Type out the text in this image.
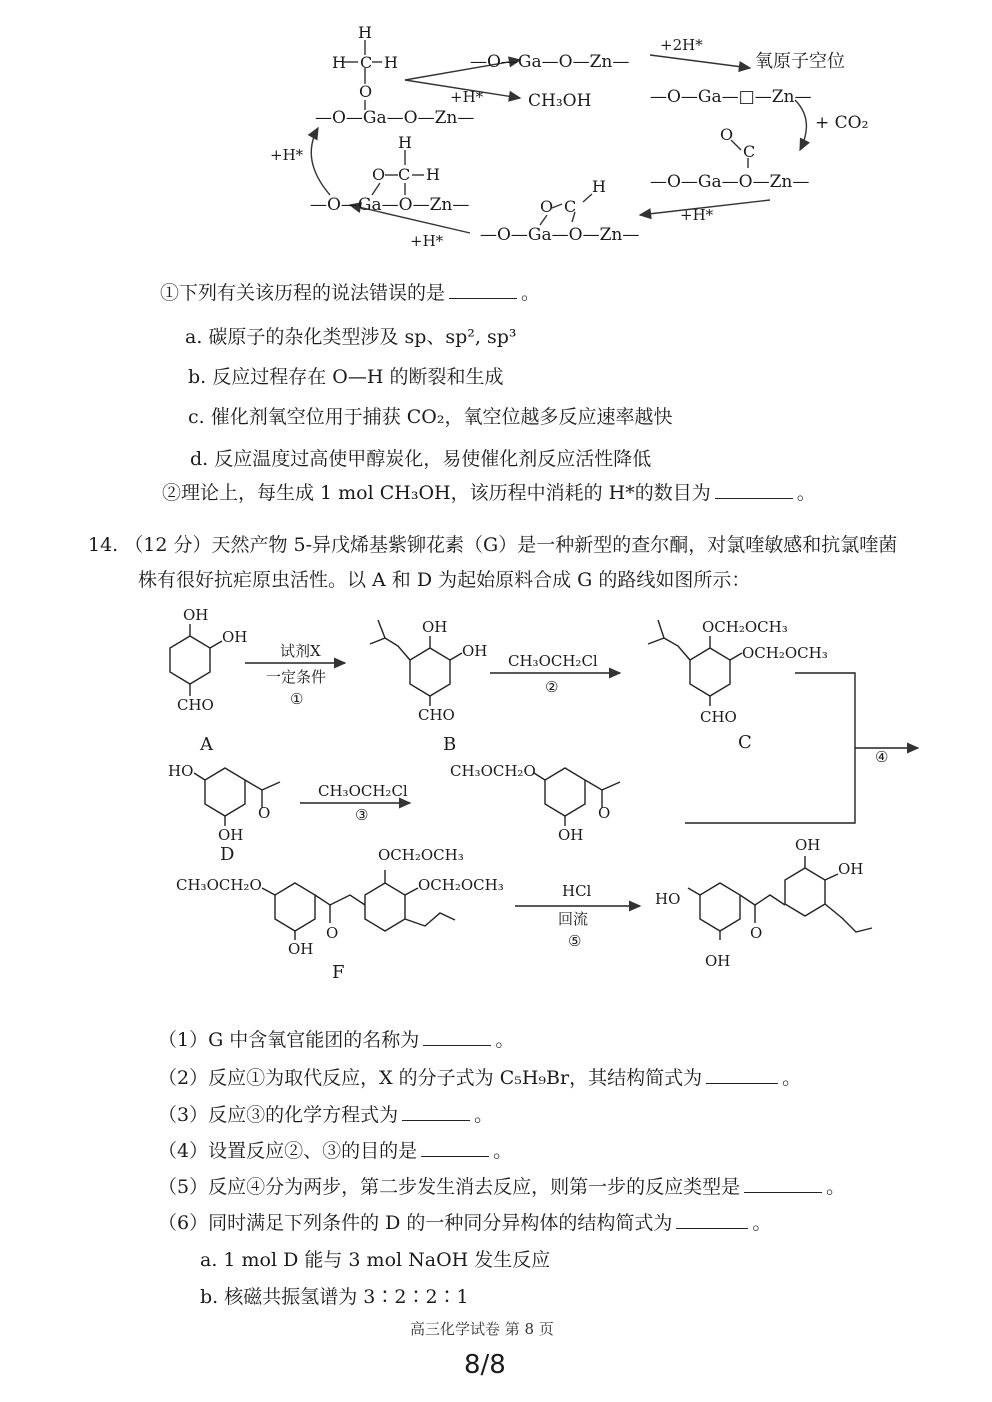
H
H C H
O
—O—Ga—O—Zn—
—O—Ga—O—Zn—
+2H*
氧原子空位
+H*	CH₃OH	—O—Ga—□—Zn—
+ CO₂
O
C
—O—Ga—O—Zn—
+H*
+H*
H
O C H
—O—Ga—O—Zn—	O C
H
—O—Ga—O—Zn—
+H*
①下列有关该历程的说法错误的是	。
a. 碳原子的杂化类型涉及 sp、sp², sp³
b. 反应过程存在 O—H 的断裂和生成
c. 催化剂氧空位用于捕获 CO₂，氧空位越多反应速率越快
d. 反应温度过高使甲醇炭化，易使催化剂反应活性降低
②理论上，每生成 1 mol CH₃OH，该历程中消耗的 H*的数目为	。
14. （12 分）天然产物 5-异戊烯基紫铆花素（G）是一种新型的查尔酮，对氯喹敏感和抗氯喹菌
株有很好抗疟原虫活性。以 A 和 D 为起始原料合成 G 的路线如图所示：
OH
OH
CHO
A
试剂X
一定条件
①
OH
OH
CHO
B
CH₃OCH₂Cl
②
OCH₂OCH₃
OCH₂OCH₃
CHO
C
④
HO
OH
O
D
CH₃OCH₂Cl
③
CH₃OCH₂O
OH
O
CH₃OCH₂O
OH
O
OCH₂OCH₃
OCH₂OCH₃
F
HCl
回流
⑤
HO
OH
O
OH
OH
（1）G 中含氧官能团的名称为	。
（2）反应①为取代反应，X 的分子式为 C₅H₉Br，其结构简式为	。
（3）反应③的化学方程式为	。
（4）设置反应②、③的目的是	。
（5）反应④分为两步，第二步发生消去反应，则第一步的反应类型是	。
（6）同时满足下列条件的 D 的一种同分异构体的结构简式为	。
a. 1 mol D 能与 3 mol NaOH 发生反应
b. 核磁共振氢谱为 3∶2∶2∶1
高三化学试卷 第 8 页
8/8
